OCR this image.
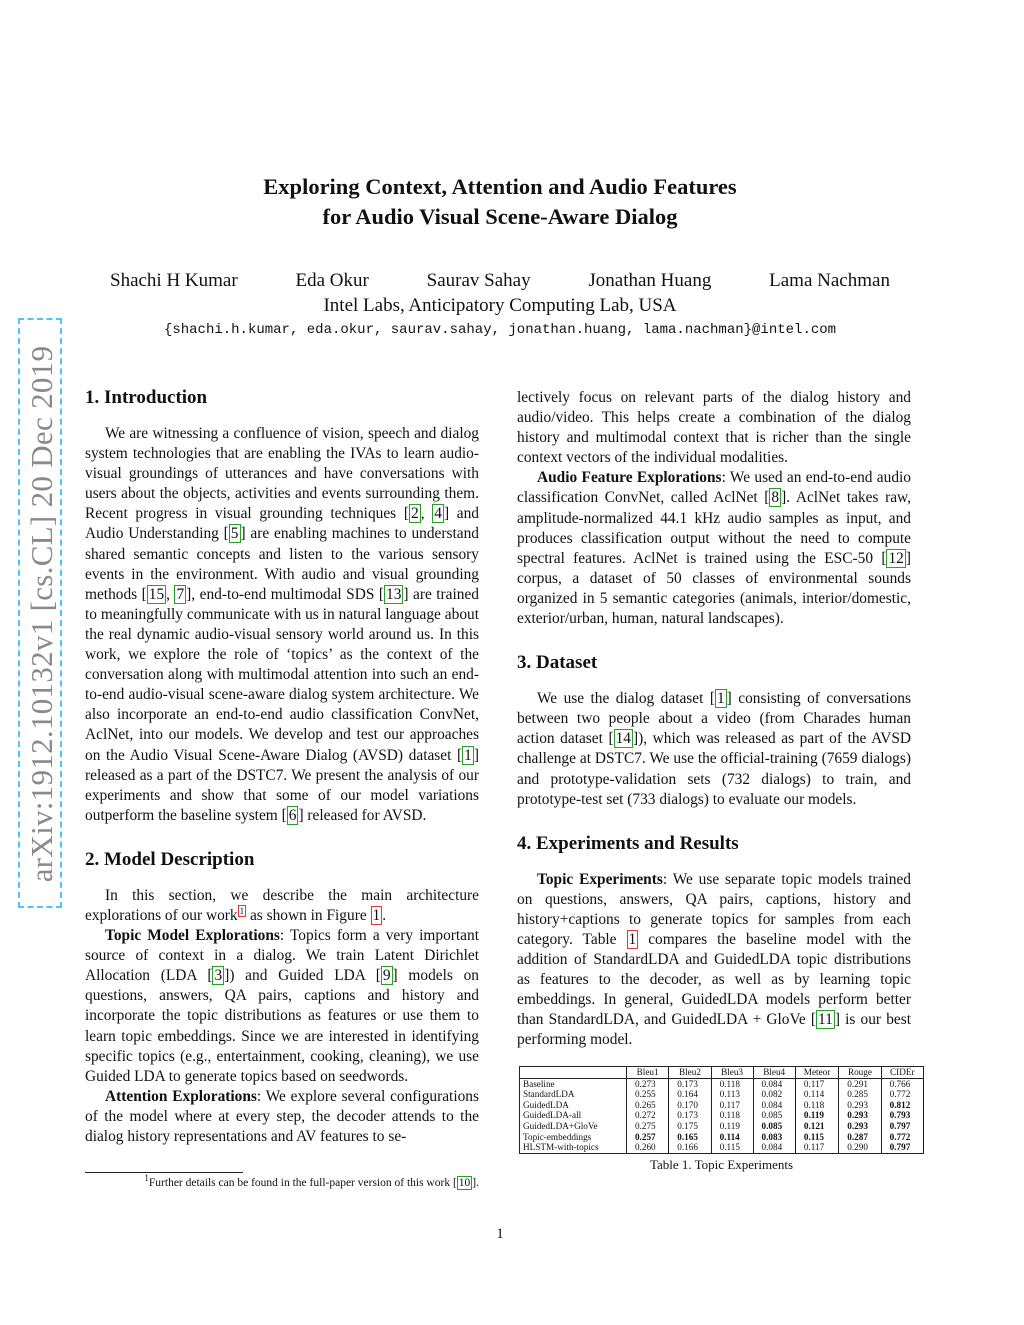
arXiv:1912.10132v1 [cs.CL] 20 Dec 2019
Exploring Context, Attention and Audio Features
for Audio Visual Scene-Aware Dialog
Shachi H Kumar	Eda Okur	Saurav Sahay	Jonathan Huang	Lama Nachman
Intel Labs, Anticipatory Computing Lab, USA
{shachi.h.kumar, eda.okur, saurav.sahay, jonathan.huang, lama.nachman}@intel.com
1. Introduction

We are witnessing a confluence of vision, speech and dialog system technologies that are enabling the IVAs to learn audio-visual groundings of utterances and have conversations with users about the objects, activities and events surrounding them. Recent progress in visual grounding techniques [ 2 , 4 ] and Audio Understanding [ 5 ] are enabling machines to understand shared semantic concepts and listen to the various sensory events in the environment. With audio and visual grounding methods [ 15 , 7 ], end-to-end multimodal SDS [ 13 ] are trained to meaningfully communicate with us in natural language about the real dynamic audio-visual sensory world around us. In this work, we explore the role of ‘topics’ as the context of the conversation along with multimodal attention into such an end-to-end audio-visual scene-aware dialog system architecture. We also incorporate an end-to-end audio classification ConvNet, AclNet, into our models. We develop and test our approaches on the Audio Visual Scene-Aware Dialog (AVSD) dataset [ 1 ] released as a part of the DSTC7. We present the analysis of our experiments and show that some of our model variations outperform the baseline system [ 6 ] released for AVSD.

2. Model Description

In this section, we describe the main architecture explorations of our work $^1$ as shown in Figure 1 .

Topic Model Explorations: Topics form a very important source of context in a dialog. We train Latent Dirichlet Allocation (LDA [ 3 ]) and Guided LDA [ 9 ] models on questions, answers, QA pairs, captions and history and incorporate the topic distributions as features or use them to learn topic embeddings. Since we are interested in identifying specific topics (e.g., entertainment, cooking, cleaning), we use Guided LDA to generate topics based on seedwords.

Attention Explorations: We explore several configurations of the model where at every step, the decoder attends to the dialog history representations and AV features to se-

$^1$Further details can be found in the full-paper version of this work [ 10 ].

lectively focus on relevant parts of the dialog history and audio/video. This helps create a combination of the dialog history and multimodal context that is richer than the single context vectors of the individual modalities.

Audio Feature Explorations: We used an end-to-end audio classification ConvNet, called AclNet [ 8 ]. AclNet takes raw, amplitude-normalized 44.1 kHz audio samples as input, and produces classification output without the need to compute spectral features. AclNet is trained using the ESC-50 [ 12 ] corpus, a dataset of 50 classes of environmental sounds organized in 5 semantic categories (animals, interior/domestic, exterior/urban, human, natural landscapes).

3. Dataset

We use the dialog dataset [ 1 ] consisting of conversations between two people about a video (from Charades human action dataset [ 14 ]), which was released as part of the AVSD challenge at DSTC7. We use the official-training (7659 dialogs) and prototype-validation sets (732 dialogs) to train, and prototype-test set (733 dialogs) to evaluate our models.

4. Experiments and Results

Topic Experiments: We use separate topic models trained on questions, answers, QA pairs, captions, history and history+captions to generate topics for samples from each category. Table 1 compares the baseline model with the addition of StandardLDA and GuidedLDA topic distributions as features to the decoder, as well as by learning topic embeddings. In general, GuidedLDA models perform better than StandardLDA, and GuidedLDA + GloVe [ 11 ] is our best performing model.

	Bleu1	Bleu2	Bleu3	Bleu4	Meteor	Rouge	CIDEr
Baseline	0.273	0.173	0.118	0.084	0.117	0.291	0.766
StandardLDA	0.255	0.164	0.113	0.082	0.114	0.285	0.772
GuidedLDA	0.265	0.170	0.117	0.084	0.118	0.293	0.812
GuidedLDA-all	0.272	0.173	0.118	0.085	0.119	0.293	0.793
GuidedLDA+GloVe	0.275	0.175	0.119	0.085	0.121	0.293	0.797
Topic-embeddings	0.257	0.165	0.114	0.083	0.115	0.287	0.772
HLSTM-with-topics	0.260	0.166	0.115	0.084	0.117	0.290	0.797
Table 1. Topic Experiments
1
